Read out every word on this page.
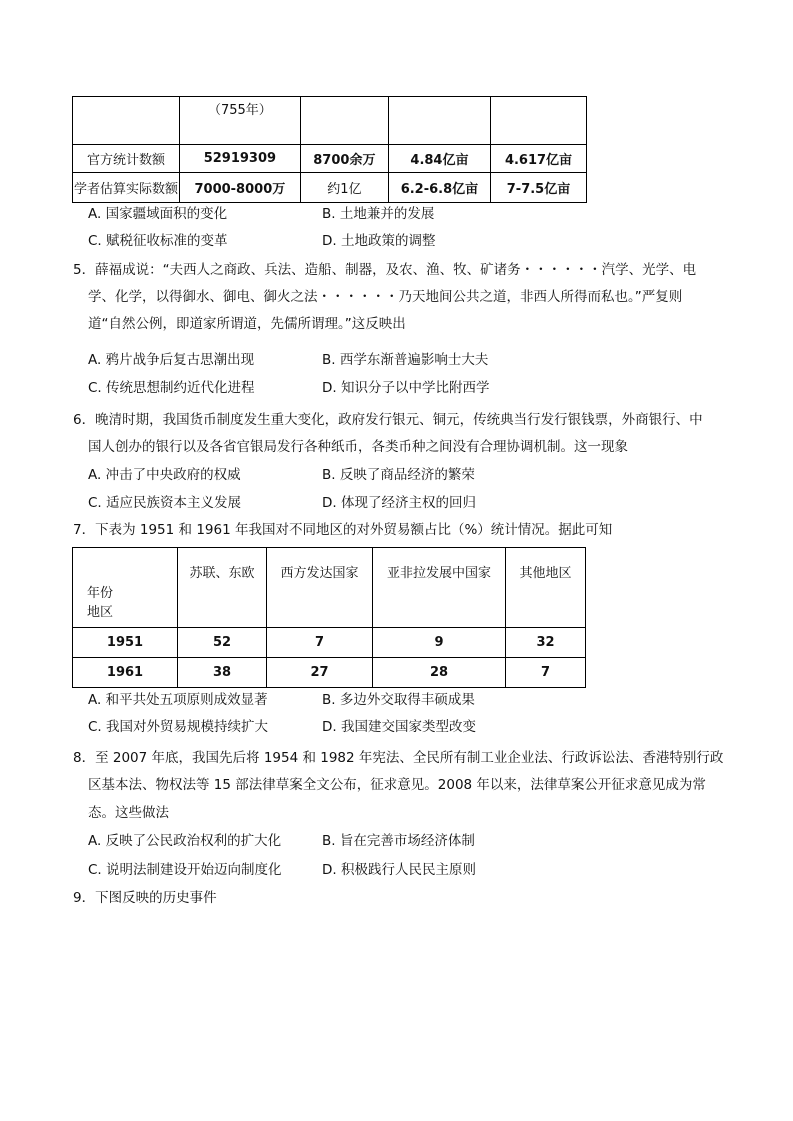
	（755年）			
官方统计数额	52919309	8700余万	4.84亿亩	4.617亿亩
学者估算实际数额	7000-8000万	约1亿	6.2-6.8亿亩	7-7.5亿亩
A. 国家疆域面积的变化	B. 土地兼并的发展
C. 赋税征收标准的变革	D. 土地政策的调整
5．薛福成说：“夫西人之商政、兵法、造船、制器，及农、渔、牧、矿诸务・・・・・・汽学、光学、电
学、化学，以得御水、御电、御火之法・・・・・・乃天地间公共之道，非西人所得而私也。”严复则
道“自然公例，即道家所谓道，先儒所谓理。”这反映出
A. 鸦片战争后复古思潮出现	B. 西学东渐普遍影响士大夫
C. 传统思想制约近代化进程	D. 知识分子以中学比附西学
6．晚清时期，我国货币制度发生重大变化，政府发行银元、铜元，传统典当行发行银钱票，外商银行、中
国人创办的银行以及各省官银局发行各种纸币，各类币种之间没有合理协调机制。这一现象
A. 冲击了中央政府的权威	B. 反映了商品经济的繁荣
C. 适应民族资本主义发展	D. 体现了经济主权的回归
7．下表为 1951 和 1961 年我国对不同地区的对外贸易额占比（%）统计情况。据此可知
年份
地区	苏联、东欧	西方发达国家	亚非拉发展中国家	其他地区
1951	52	7	9	32
1961	38	27	28	7
A. 和平共处五项原则成效显著	B. 多边外交取得丰硕成果
C. 我国对外贸易规模持续扩大	D. 我国建交国家类型改变
8．至 2007 年底，我国先后将 1954 和 1982 年宪法、全民所有制工业企业法、行政诉讼法、香港特别行政
区基本法、物权法等 15 部法律草案全文公布，征求意见。2008 年以来，法律草案公开征求意见成为常
态。这些做法
A. 反映了公民政治权利的扩大化	B. 旨在完善市场经济体制
C. 说明法制建设开始迈向制度化	D. 积极践行人民民主原则
9．下图反映的历史事件
